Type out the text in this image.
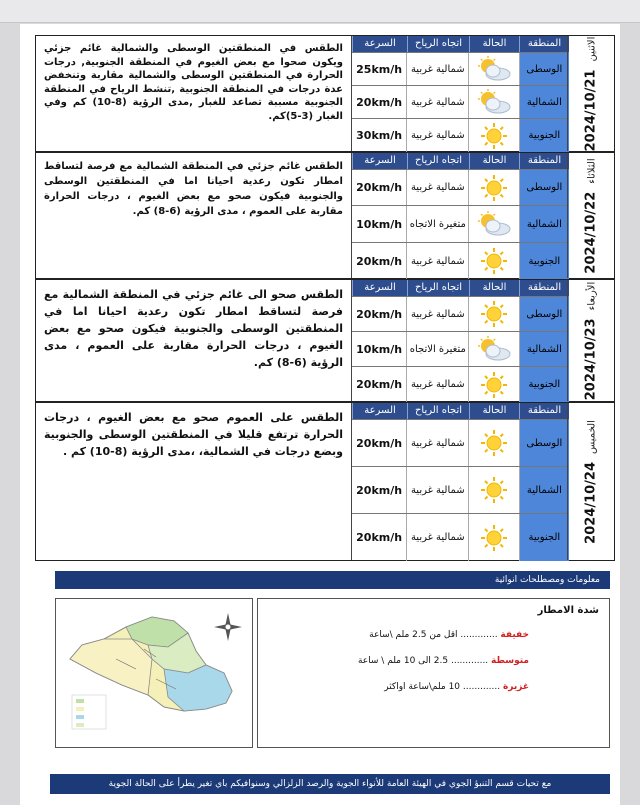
الطقس في المنطقتين الوسطى والشمالية غائم جزئي ويكون صحوا مع بعض الغيوم في المنطقة الجنوبية, درجات الحرارة في المنطقتين الوسطى والشمالية مقاربة وتنخفض عدة درجات في المنطقة الجنوبية ,تنشط الرياح في المنطقة الجنوبية مسببة تصاعد للغبار ,مدى الرؤية (8-10) كم وفي الغبار (3-5)كم.
السرعة	اتجاه الرياح	الحالة	المنطقة
25km/h شمالية غربية	الوسطى
20km/h شمالية غربية	الشمالية
30km/h شمالية غربية	الجنوبية
الاثنين
2024/10/21
الطقس غائم جزئي في المنطقة الشمالية مع فرصة لتساقط امطار تكون رعدية احيانا اما في المنطقتين الوسطى والجنوبية فيكون صحو مع بعض الغيوم ، درجات الحرارة مقاربة على العموم ، مدى الرؤية (6-8) كم.
السرعة	اتجاه الرياح	الحالة	المنطقة
20km/h شمالية غربية	الوسطى
10km/h متغيرة الاتجاه	الشمالية
20km/h شمالية غربية	الجنوبية
الثلاثاء
2024/10/22
الطقس صحو الى غائم جزئي في المنطقة الشمالية مع فرصة لتساقط امطار تكون رعدية احيانا اما في المنطقتين الوسطى والجنوبية فيكون صحو مع بعض الغيوم ، درجات الحرارة مقاربة على العموم ، مدى الرؤية (6-8) كم.
السرعة	اتجاه الرياح	الحالة	المنطقة
20km/h شمالية غربية	الوسطى
10km/h متغيرة الاتجاه	الشمالية
20km/h شمالية غربية	الجنوبية
الأربعاء
2024/10/23
الطقس على العموم صحو مع بعض الغيوم ، درجات الحرارة ترتفع قليلا في المنطقتين الوسطى والجنوبية وبضع درجات في الشمالية، ،مدى الرؤية (8-10) كم .
السرعة	اتجاه الرياح	الحالة	المنطقة
20km/h شمالية غربية	الوسطى
20km/h شمالية غربية	الشمالية
20km/h شمالية غربية	الجنوبية
الخميس
2024/10/24
معلومات ومصطلحات انوائية
شدة الامطار
خفيفة ............. اقل من 2.5 ملم \ساعة
متوسطة ............. 2.5 الى 10 ملم \ ساعة
غزيرة ............. 10 ملم\ساعة اواكثر
مع تحيات قسم التنبؤ الجوي في الهيئة العامة للأنواء الجوية والرصد الزلزالي وسنوافيكم باي تغير يطرأ على الحالة الجوية
